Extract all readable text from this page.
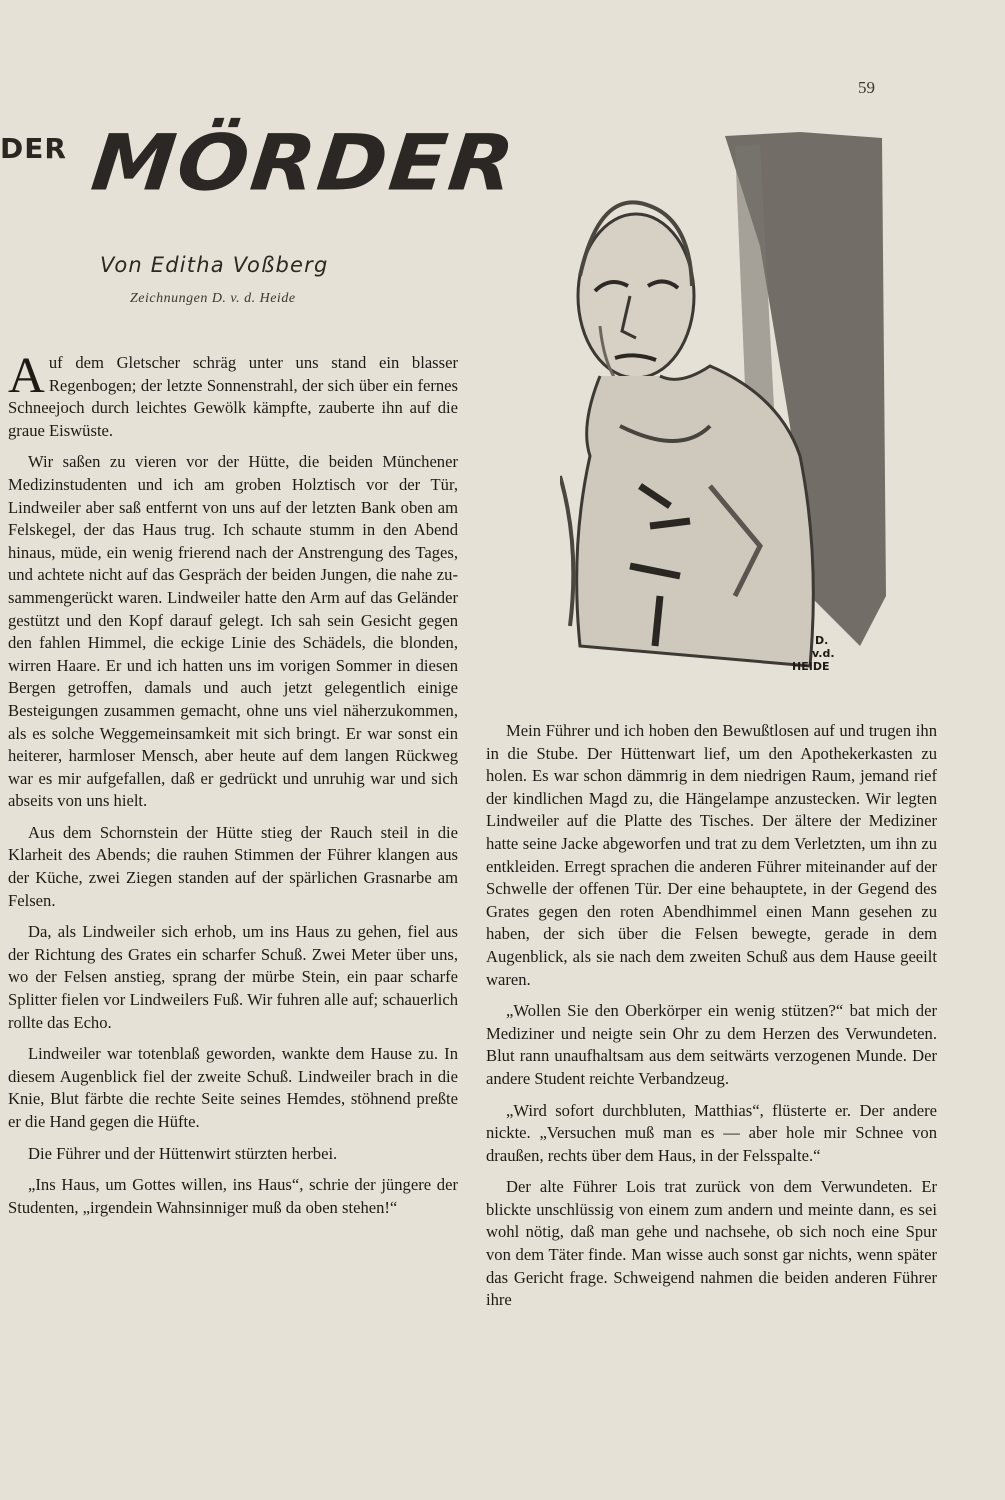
59
DER MÖRDER
Von Editha Voßberg
Zeichnungen D. v. d. Heide
D.
v.d.
HEIDE

Auf dem Gletscher schräg unter uns stand ein blasser Regenbogen; der letzte Sonnenstrahl, der sich über ein fernes Schneejoch durch leichtes Gewölk kämpfte, zauberte ihn auf die graue Eiswüste.

Wir saßen zu vieren vor der Hütte, die beiden Münchener Medizinstudenten und ich am groben Holztisch vor der Tür, Lindweiler aber saß entfernt von uns auf der letzten Bank oben am Felskegel, der das Haus trug. Ich schaute stumm in den Abend hinaus, müde, ein wenig frierend nach der Anstrengung des Tages, und achtete nicht auf das Gespräch der beiden Jungen, die nahe zusammengerückt waren. Lindweiler hatte den Arm auf das Geländer gestützt und den Kopf darauf gelegt. Ich sah sein Gesicht gegen den fahlen Himmel, die eckige Linie des Schädels, die blonden, wirren Haare. Er und ich hatten uns im vorigen Sommer in diesen Bergen getroffen, damals und auch jetzt gelegentlich einige Besteigungen zusammen gemacht, ohne uns viel näherzukommen, als es solche Weggemeinsamkeit mit sich bringt. Er war sonst ein heiterer, harmloser Mensch, aber heute auf dem langen Rückweg war es mir aufgefallen, daß er gedrückt und unruhig war und sich abseits von uns hielt.

Aus dem Schornstein der Hütte stieg der Rauch steil in die Klarheit des Abends; die rauhen Stimmen der Führer klangen aus der Küche, zwei Ziegen standen auf der spärlichen Grasnarbe am Felsen.

Da, als Lindweiler sich erhob, um ins Haus zu gehen, fiel aus der Richtung des Grates ein scharfer Schuß. Zwei Meter über uns, wo der Felsen anstieg, sprang der mürbe Stein, ein paar scharfe Splitter fielen vor Lindweilers Fuß. Wir fuhren alle auf; schauerlich rollte das Echo.

Lindweiler war totenblaß geworden, wankte dem Hause zu. In diesem Augenblick fiel der zweite Schuß. Lindweiler brach in die Knie, Blut färbte die rechte Seite seines Hemdes, stöhnend preßte er die Hand gegen die Hüfte.

Die Führer und der Hüttenwirt stürzten herbei.

„Ins Haus, um Gottes willen, ins Haus“, schrie der jüngere der Studenten, „irgendein Wahnsinniger muß da oben stehen!“

Mein Führer und ich hoben den Bewußtlosen auf und trugen ihn in die Stube. Der Hüttenwart lief, um den Apothekerkasten zu holen. Es war schon dämmrig in dem niedrigen Raum, jemand rief der kindlichen Magd zu, die Hängelampe anzustecken. Wir legten Lindweiler auf die Platte des Tisches. Der ältere der Mediziner hatte seine Jacke abgeworfen und trat zu dem Verletzten, um ihn zu entkleiden. Erregt sprachen die anderen Führer miteinander auf der Schwelle der offenen Tür. Der eine behauptete, in der Gegend des Grates gegen den roten Abendhimmel einen Mann gesehen zu haben, der sich über die Felsen bewegte, gerade in dem Augenblick, als sie nach dem zweiten Schuß aus dem Hause geeilt waren.

„Wollen Sie den Oberkörper ein wenig stützen?“ bat mich der Mediziner und neigte sein Ohr zu dem Herzen des Verwundeten. Blut rann unaufhaltsam aus dem seitwärts verzogenen Munde. Der andere Student reichte Verbandzeug.

„Wird sofort durchbluten, Matthias“, flüsterte er. Der andere nickte. „Versuchen muß man es — aber hole mir Schnee von draußen, rechts über dem Haus, in der Felsspalte.“

Der alte Führer Lois trat zurück von dem Verwundeten. Er blickte unschlüssig von einem zum andern und meinte dann, es sei wohl nötig, daß man gehe und nachsehe, ob sich noch eine Spur von dem Täter finde. Man wisse auch sonst gar nichts, wenn später das Gericht frage. Schweigend nahmen die beiden anderen Führer ihre
